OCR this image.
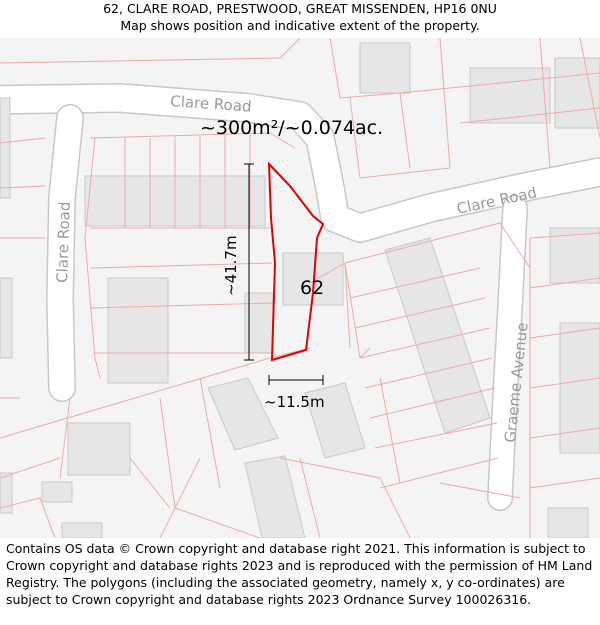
62, CLARE ROAD, PRESTWOOD, GREAT MISSENDEN, HP16 0NU
Map shows position and indicative extent of the property.
Clare Road
Clare Road
Clare Road
Graeme Avenue
62
~300m²/~0.074ac.
~41.7m
~11.5m
Contains OS data © Crown copyright and database right 2021. This information is subject to Crown copyright and database rights 2023 and is reproduced with the permission of HM Land Registry. The polygons (including the associated geometry, namely x, y co-ordinates) are subject to Crown copyright and database rights 2023 Ordnance Survey 100026316.
